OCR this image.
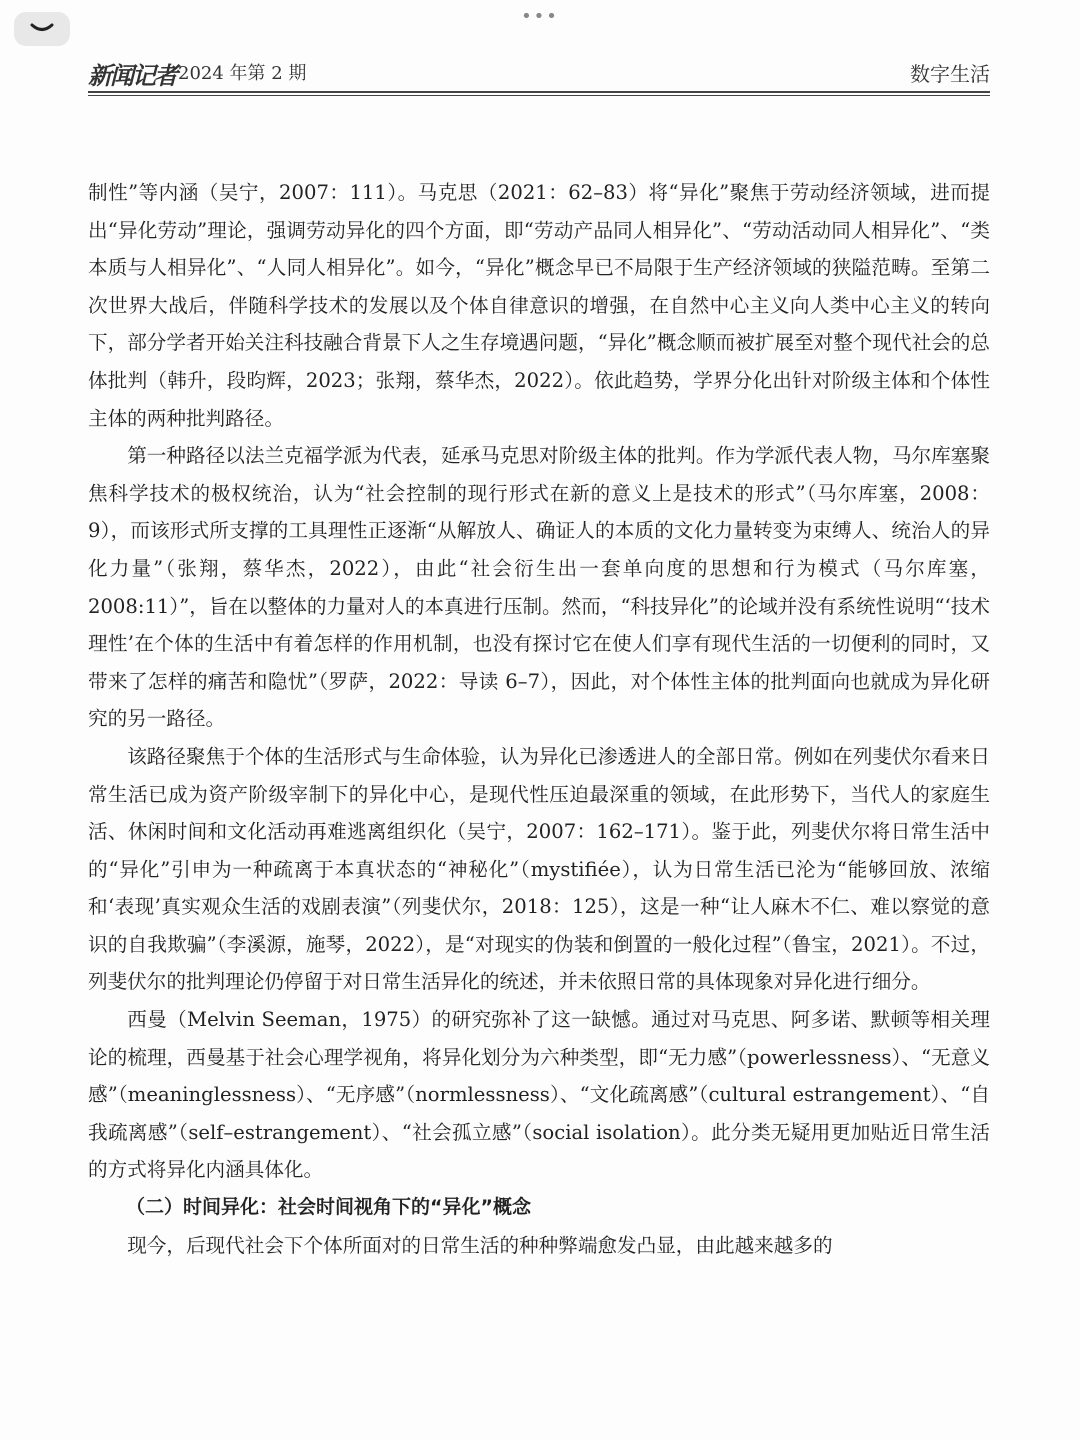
•••
新闻记者 2024 年第 2 期	数字生活

制性”等内涵（吴宁，2007：111）。马克思（2021：62–83）将“异化”聚焦于劳动经济领域，进而提出“异化劳动”理论，强调劳动异化的四个方面，即“劳动产品同人相异化”、“劳动活动同人相异化”、“类本质与人相异化”、“人同人相异化”。如今，“异化”概念早已不局限于生产经济领域的狭隘范畴。至第二次世界大战后，伴随科学技术的发展以及个体自律意识的增强，在自然中心主义向人类中心主义的转向下，部分学者开始关注科技融合背景下人之生存境遇问题，“异化”概念顺而被扩展至对整个现代社会的总体批判（韩升，段昀辉，2023；张翔，蔡华杰，2022）。依此趋势，学界分化出针对阶级主体和个体性主体的两种批判路径。

第一种路径以法兰克福学派为代表，延承马克思对阶级主体的批判。作为学派代表人物，马尔库塞聚焦科学技术的极权统治，认为“社会控制的现行形式在新的意义上是技术的形式”（马尔库塞，2008：9），而该形式所支撑的工具理性正逐渐“从解放人、确证人的本质的文化力量转变为束缚人、统治人的异化力量”（张翔，蔡华杰，2022），由此“社会衍生出一套单向度的思想和行为模式（马尔库塞，2008:11）”，旨在以整体的力量对人的本真进行压制。然而，“科技异化”的论域并没有系统性说明“‘技术理性’在个体的生活中有着怎样的作用机制，也没有探讨它在使人们享有现代生活的一切便利的同时，又带来了怎样的痛苦和隐忧”（罗萨，2022：导读 6–7），因此，对个体性主体的批判面向也就成为异化研究的另一路径。

该路径聚焦于个体的生活形式与生命体验，认为异化已渗透进人的全部日常。例如在列斐伏尔看来日常生活已成为资产阶级宰制下的异化中心，是现代性压迫最深重的领域，在此形势下，当代人的家庭生活、休闲时间和文化活动再难逃离组织化（吴宁，2007：162–171）。鉴于此，列斐伏尔将日常生活中的“异化”引申为一种疏离于本真状态的“神秘化”（mystifiée），认为日常生活已沦为“能够回放、浓缩和‘表现’真实观众生活的戏剧表演”（列斐伏尔，2018：125），这是一种“让人麻木不仁、难以察觉的意识的自我欺骗”（李溪源，施琴，2022），是“对现实的伪装和倒置的一般化过程”（鲁宝，2021）。不过，列斐伏尔的批判理论仍停留于对日常生活异化的统述，并未依照日常的具体现象对异化进行细分。

西曼（Melvin Seeman，1975）的研究弥补了这一缺憾。通过对马克思、阿多诺、默顿等相关理论的梳理，西曼基于社会心理学视角，将异化划分为六种类型，即“无力感”（powerlessness）、“无意义感”（meaninglessness）、“无序感”（normlessness）、“文化疏离感”（cultural estrangement）、“自我疏离感”（self–estrangement）、“社会孤立感”（social isolation）。此分类无疑用更加贴近日常生活的方式将异化内涵具体化。

（二）时间异化：社会时间视角下的“异化”概念

现今，后现代社会下个体所面对的日常生活的种种弊端愈发凸显，由此越来越多的
